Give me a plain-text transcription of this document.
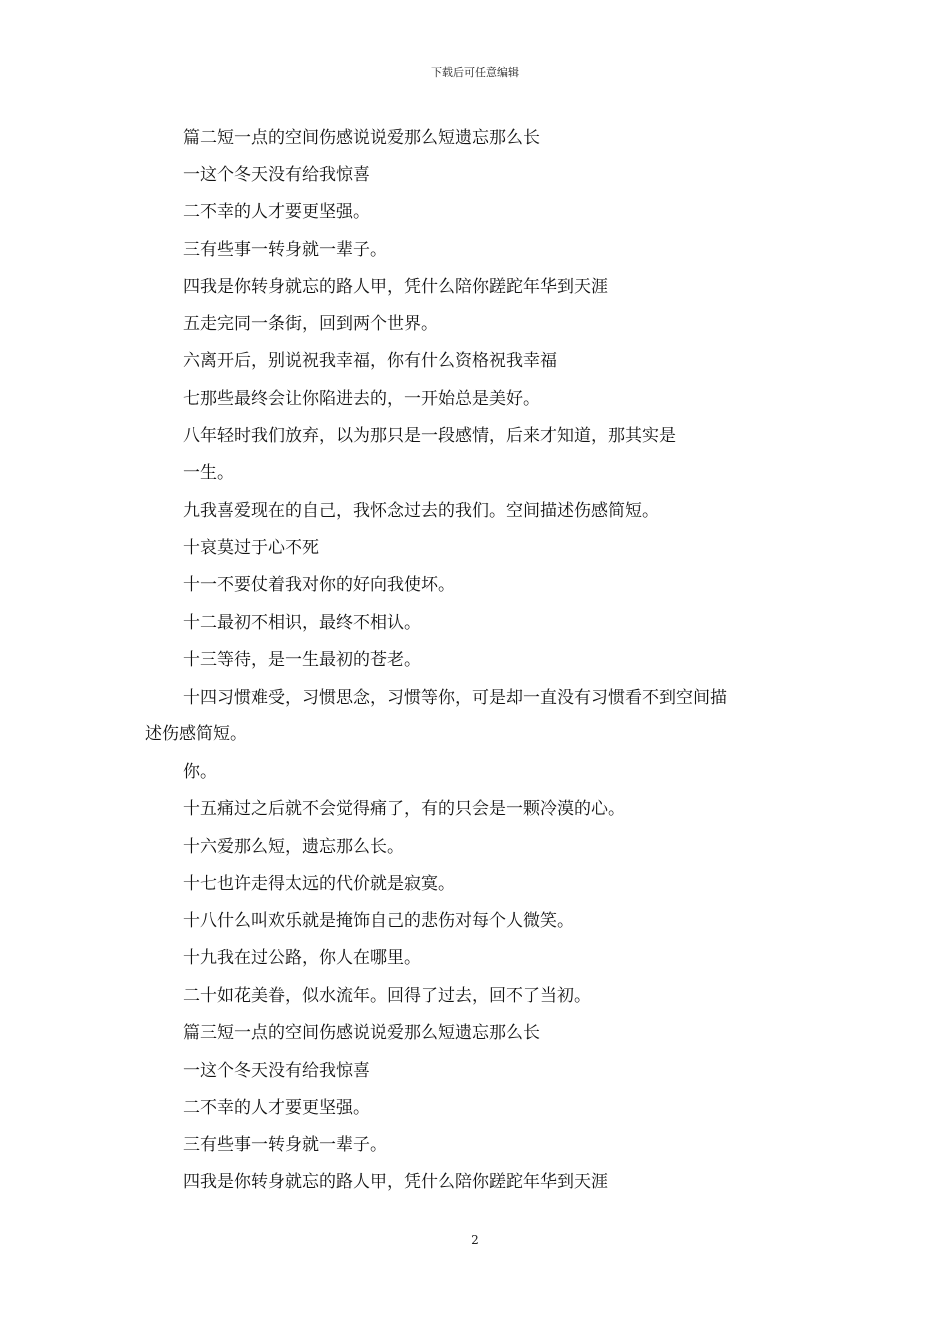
下载后可任意编辑
篇二短一点的空间伤感说说爱那么短遗忘那么长
一这个冬天没有给我惊喜
二不幸的人才要更坚强。
三有些事一转身就一辈子。
四我是你转身就忘的路人甲，凭什么陪你蹉跎年华到天涯
五走完同一条街，回到两个世界。
六离开后，别说祝我幸福，你有什么资格祝我幸福
七那些最终会让你陷进去的，一开始总是美好。
八年轻时我们放弃，以为那只是一段感情，后来才知道，那其实是
一生。
九我喜爱现在的自己，我怀念过去的我们。空间描述伤感简短。
十哀莫过于心不死
十一不要仗着我对你的好向我使坏。
十二最初不相识，最终不相认。
十三等待，是一生最初的苍老。
十四习惯难受，习惯思念，习惯等你，可是却一直没有习惯看不到空间描
述伤感简短。
你。
十五痛过之后就不会觉得痛了，有的只会是一颗冷漠的心。
十六爱那么短，遗忘那么长。
十七也许走得太远的代价就是寂寞。
十八什么叫欢乐就是掩饰自己的悲伤对每个人微笑。
十九我在过公路，你人在哪里。
二十如花美眷，似水流年。回得了过去，回不了当初。
篇三短一点的空间伤感说说爱那么短遗忘那么长
一这个冬天没有给我惊喜
二不幸的人才要更坚强。
三有些事一转身就一辈子。
四我是你转身就忘的路人甲，凭什么陪你蹉跎年华到天涯
2
